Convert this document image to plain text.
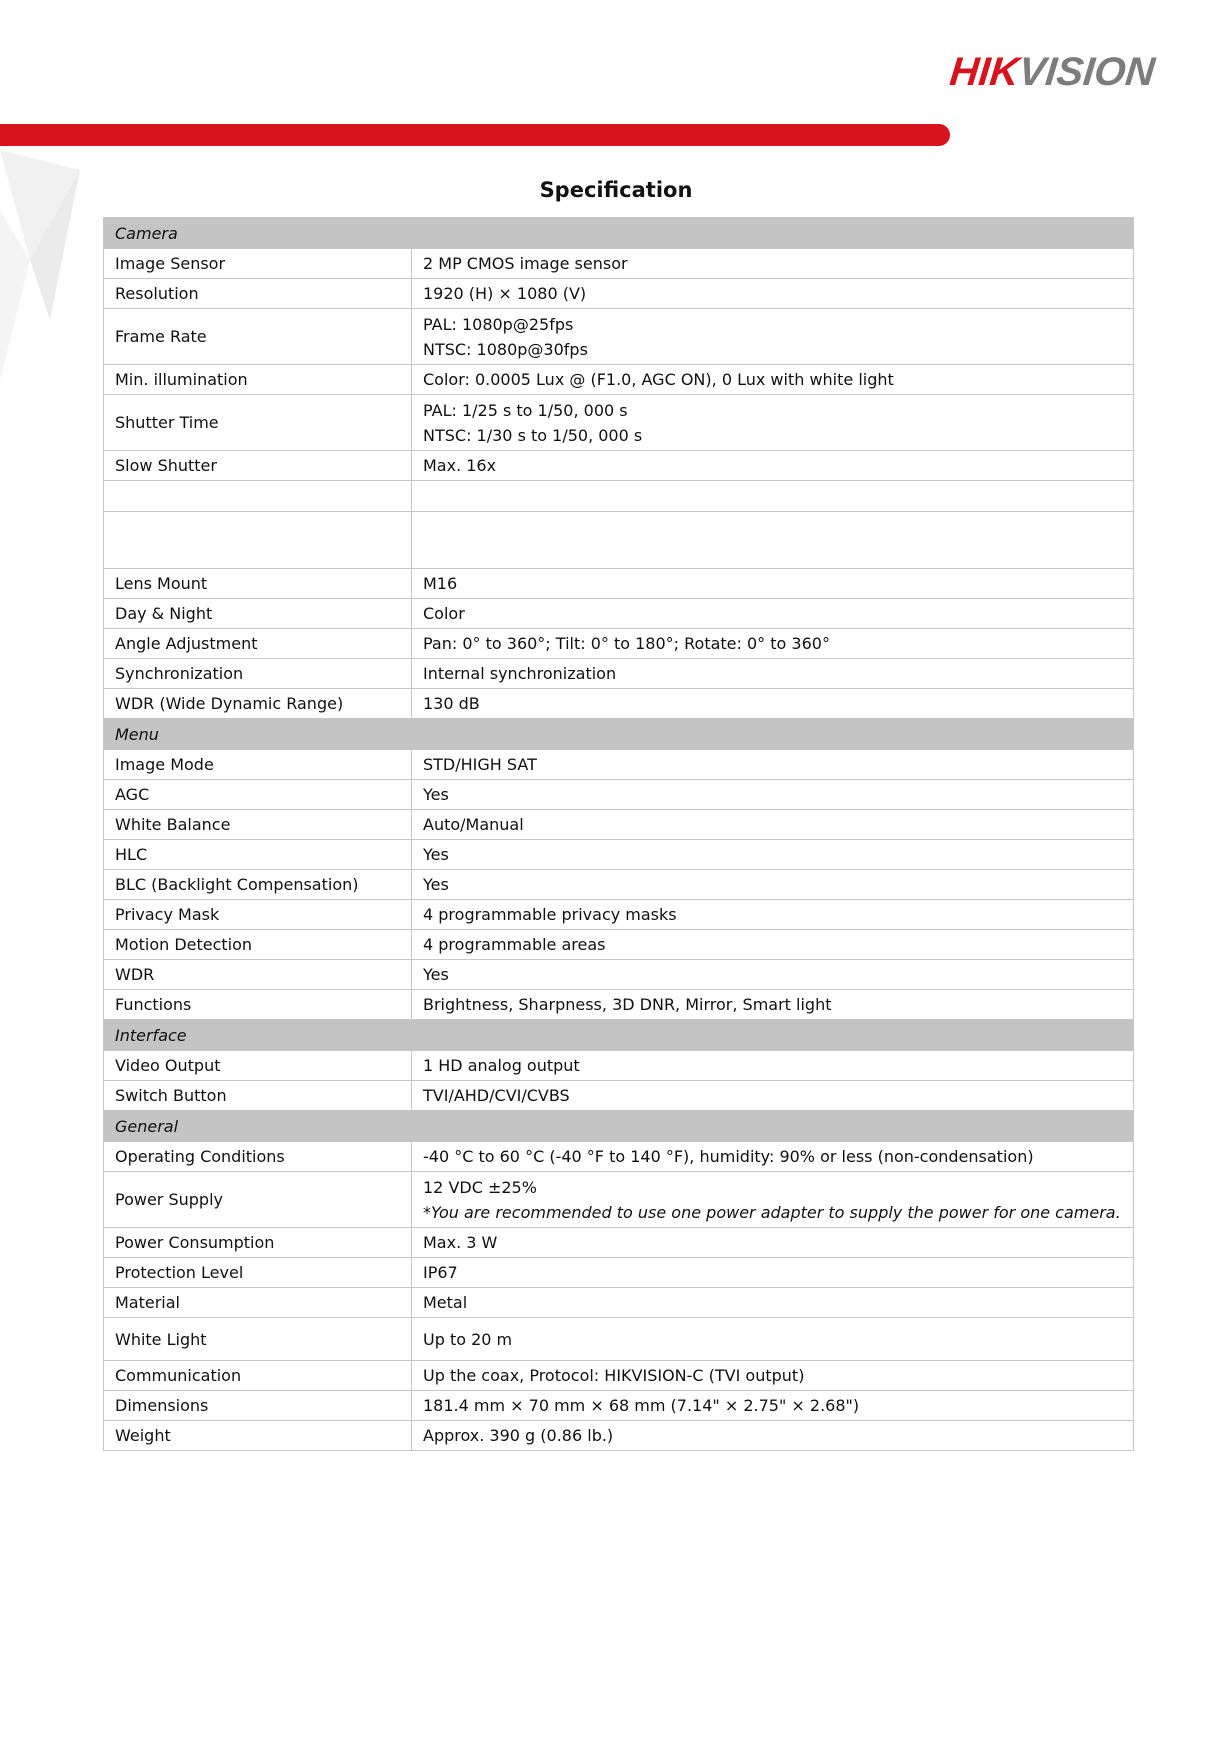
HIKVISION
Specification
Camera	
Image Sensor	2 MP CMOS image sensor
Resolution	1920 (H) × 1080 (V)
Frame Rate	PAL: 1080p@25fps
NTSC: 1080p@30fps

Min. illumination	Color: 0.0005 Lux @ (F1.0, AGC ON), 0 Lux with white light
Shutter Time	PAL: 1/25 s to 1/50, 000 s
NTSC: 1/30 s to 1/50, 000 s

Slow Shutter	Max. 16x

Lens Mount	M16
Day & Night	Color
Angle Adjustment	Pan: 0° to 360°; Tilt: 0° to 180°; Rotate: 0° to 360°
Synchronization	Internal synchronization
WDR (Wide Dynamic Range)	130 dB
Menu	
Image Mode	STD/HIGH SAT
AGC	Yes
White Balance	Auto/Manual
HLC	Yes
BLC (Backlight Compensation)	Yes
Privacy Mask	4 programmable privacy masks
Motion Detection	4 programmable areas
WDR	Yes
Functions	Brightness, Sharpness, 3D DNR, Mirror, Smart light
Interface	
Video Output	1 HD analog output
Switch Button	TVI/AHD/CVI/CVBS
General	
Operating Conditions	-40 °C to 60 °C (-40 °F to 140 °F), humidity: 90% or less (non-condensation)
Power Supply	12 VDC ±25%
*You are recommended to use one power adapter to supply the power for one camera.

Power Consumption	Max. 3 W
Protection Level	IP67
Material	Metal
White Light	Up to 20 m
Communication	Up the coax, Protocol: HIKVISION-C (TVI output)
Dimensions	181.4 mm × 70 mm × 68 mm (7.14" × 2.75" × 2.68")
Weight	Approx. 390 g (0.86 lb.)
